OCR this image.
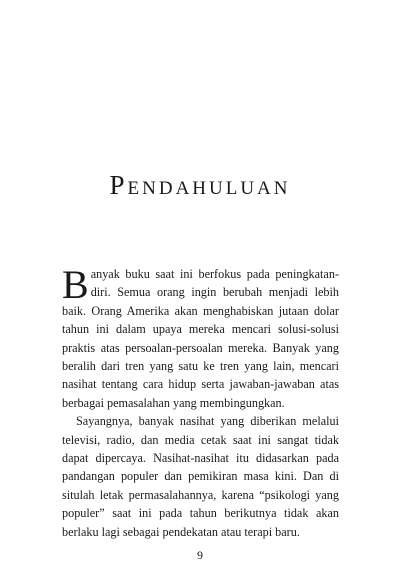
Pendahuluan

Banyak buku saat ini berfokus pada peningkatan-diri. Semua orang ingin berubah menjadi lebih baik. Orang Amerika akan menghabiskan jutaan dolar tahun ini dalam upaya mereka mencari solusi-solusi praktis atas persoalan-persoalan mereka. Banyak yang beralih dari tren yang satu ke tren yang lain, mencari nasihat tentang cara hidup serta jawaban-jawaban atas berbagai pemasalahan yang membingungkan.

Sayangnya, banyak nasihat yang diberikan melalui televisi, radio, dan media cetak saat ini sangat tidak dapat dipercaya. Nasihat-nasihat itu didasarkan pada pandangan populer dan pemikiran masa kini. Dan di situlah letak permasalahannya, karena “psikologi yang populer” saat ini pada tahun berikutnya tidak akan berlaku lagi sebagai pendekatan atau terapi baru.

9
